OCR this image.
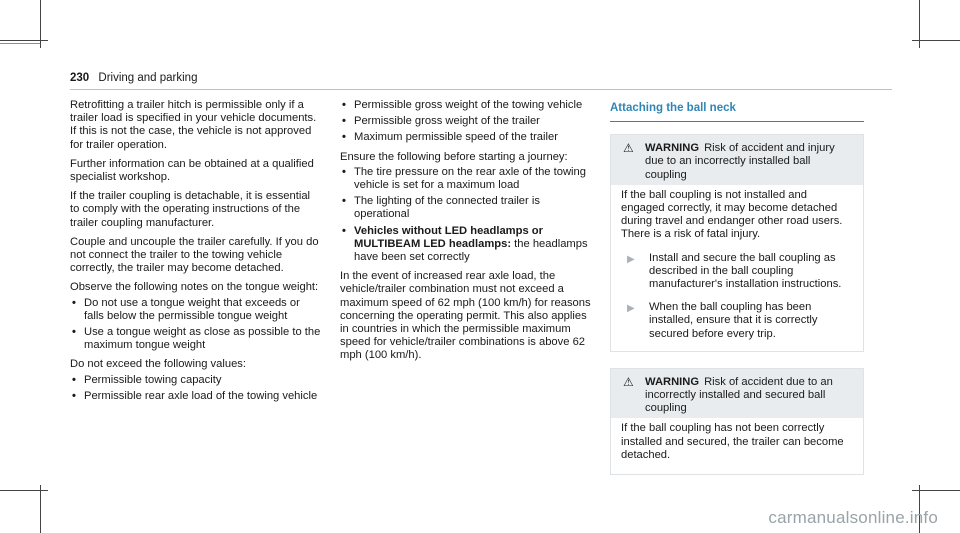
230 Driving and parking

Retrofitting a trailer hitch is permissible only if a trailer load is specified in your vehicle documents. If this is not the case, the vehicle is not approved for trailer operation.

Further information can be obtained at a qualified specialist workshop.

If the trailer coupling is detachable, it is essential to comply with the operating instructions of the trailer coupling manufacturer.

Couple and uncouple the trailer carefully. If you do not connect the trailer to the towing vehicle correctly, the trailer may become detached.

Observe the following notes on the tongue weight:

• Do not use a tongue weight that exceeds or falls below the permissible tongue weight
• Use a tongue weight as close as possible to the maximum tongue weight

Do not exceed the following values:

• Permissible towing capacity
• Permissible rear axle load of the towing vehicle
• Permissible gross weight of the towing vehicle
• Permissible gross weight of the trailer
• Maximum permissible speed of the trailer

Ensure the following before starting a journey:

• The tire pressure on the rear axle of the towing vehicle is set for a maximum load
• The lighting of the connected trailer is operational
• Vehicles without LED headlamps or MULTIBEAM LED headlamps: the headlamps have been set correctly

In the event of increased rear axle load, the vehicle/trailer combination must not exceed a maximum speed of 62 mph (100 km/h) for reasons concerning the operating permit. This also applies in countries in which the permissible maximum speed for vehicle/trailer combinations is above 62 mph (100 km/h).

Attaching the ball neck
⚠	WARNING Risk of accident and injury due to an incorrectly installed ball coupling

If the ball coupling is not installed and engaged correctly, it may become detached during travel and endanger other road users. There is a risk of fatal injury.

▶	Install and secure the ball coupling as described in the ball coupling manufacturer's installation instructions.
▶	When the ball coupling has been installed, ensure that it is correctly secured before every trip.
⚠	WARNING Risk of accident due to an incorrectly installed and secured ball coupling

If the ball coupling has not been correctly installed and secured, the trailer can become detached.

carmanualsonline.info
